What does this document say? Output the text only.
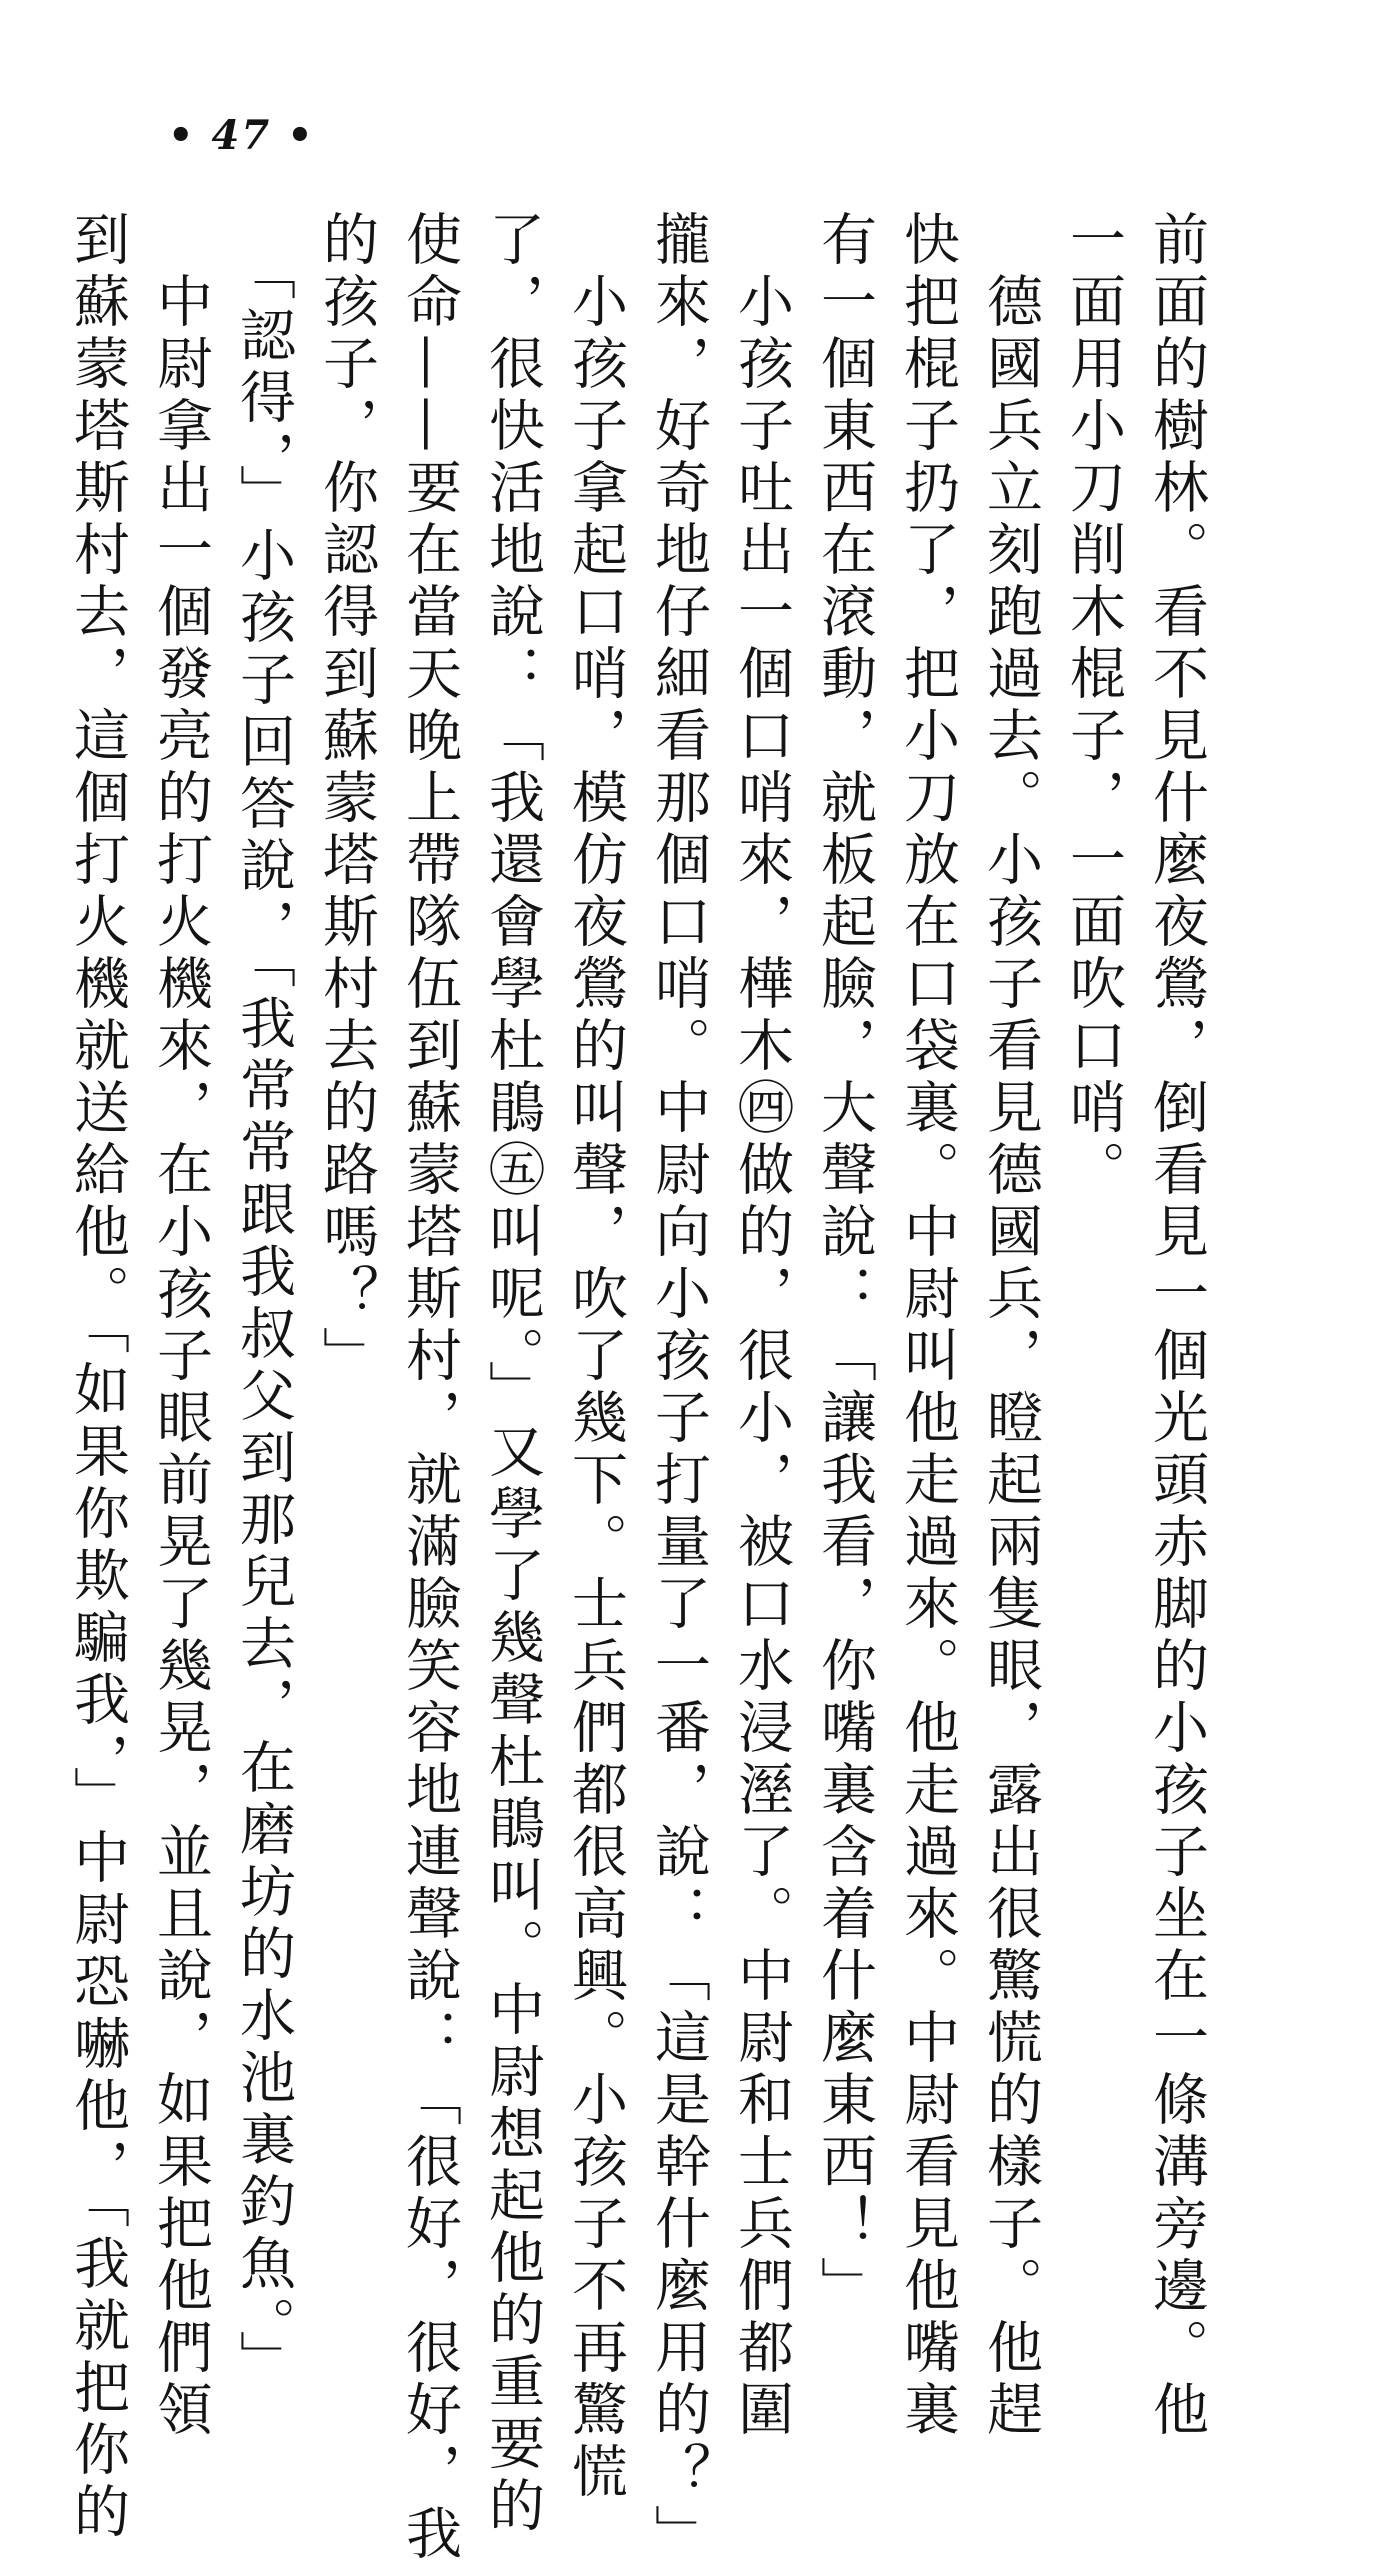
• 47 •
前面的樹林。看不見什麼夜鶯，倒看見一個光頭赤脚的小孩子坐在一條溝旁邊。他
一面用小刀削木棍子，一面吹口哨。
　德國兵立刻跑過去。小孩子看見德國兵，瞪起兩隻眼，露出很驚慌的樣子。他趕
快把棍子扔了，把小刀放在口袋裏。中尉叫他走過來。他走過來。中尉看見他嘴裏
有一個東西在滾動，就板起臉，大聲說：「讓我看，你嘴裏含着什麼東西！」
　小孩子吐出一個口哨來，樺木㊃做的，很小，被口水浸溼了。中尉和士兵們都圍
攏來，好奇地仔細看那個口哨。中尉向小孩子打量了一番，說：「這是幹什麼用的？」
　小孩子拿起口哨，模仿夜鶯的叫聲，吹了幾下。士兵們都很高興。小孩子不再驚慌
了，很快活地說：「我還會學杜鵑㊄叫呢。」又學了幾聲杜鵑叫。中尉想起他的重要的
使命——要在當天晚上帶隊伍到蘇蒙塔斯村，就滿臉笑容地連聲說：「很好，很好，我
的孩子，你認得到蘇蒙塔斯村去的路嗎？」
　「認得，」小孩子回答說，「我常常跟我叔父到那兒去，在磨坊的水池裏釣魚。」
　中尉拿出一個發亮的打火機來，在小孩子眼前晃了幾晃，並且說，如果把他們領
到蘇蒙塔斯村去，這個打火機就送給他。「如果你欺騙我，」中尉恐嚇他，「我就把你的
